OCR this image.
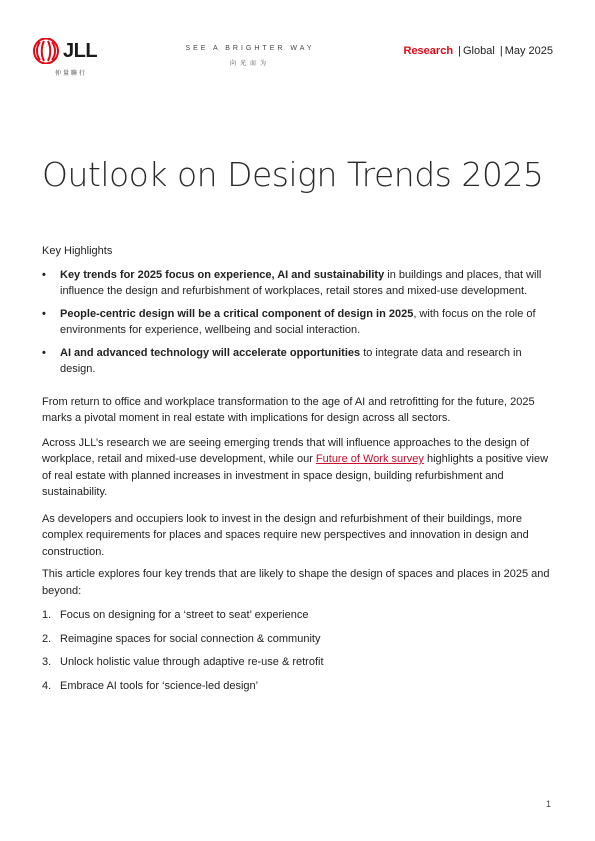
JLL
仲量聯行
SEE A BRIGHTER WAY
向光而为
Research | Global | May 2025
Outlook on Design Trends 2025

Key Highlights

• Key trends for 2025 focus on experience, AI and sustainability in buildings and places, that will influence the design and refurbishment of workplaces, retail stores and mixed-use development.
• People-centric design will be a critical component of design in 2025, with focus on the role of environments for experience, wellbeing and social interaction.
• AI and advanced technology will accelerate opportunities to integrate data and research in design.

From return to office and workplace transformation to the age of AI and retrofitting for the future, 2025 marks a pivotal moment in real estate with implications for design across all sectors.

Across JLL’s research we are seeing emerging trends that will influence approaches to the design of workplace, retail and mixed-use development, while our Future of Work survey highlights a positive view of real estate with planned increases in investment in space design, building refurbishment and sustainability.

As developers and occupiers look to invest in the design and refurbishment of their buildings, more complex requirements for places and spaces require new perspectives and innovation in design and construction.

This article explores four key trends that are likely to shape the design of spaces and places in 2025 and beyond:

1. Focus on designing for a ‘street to seat’ experience
2. Reimagine spaces for social connection & community
3. Unlock holistic value through adaptive re-use & retrofit
4. Embrace AI tools for ‘science-led design’
1
